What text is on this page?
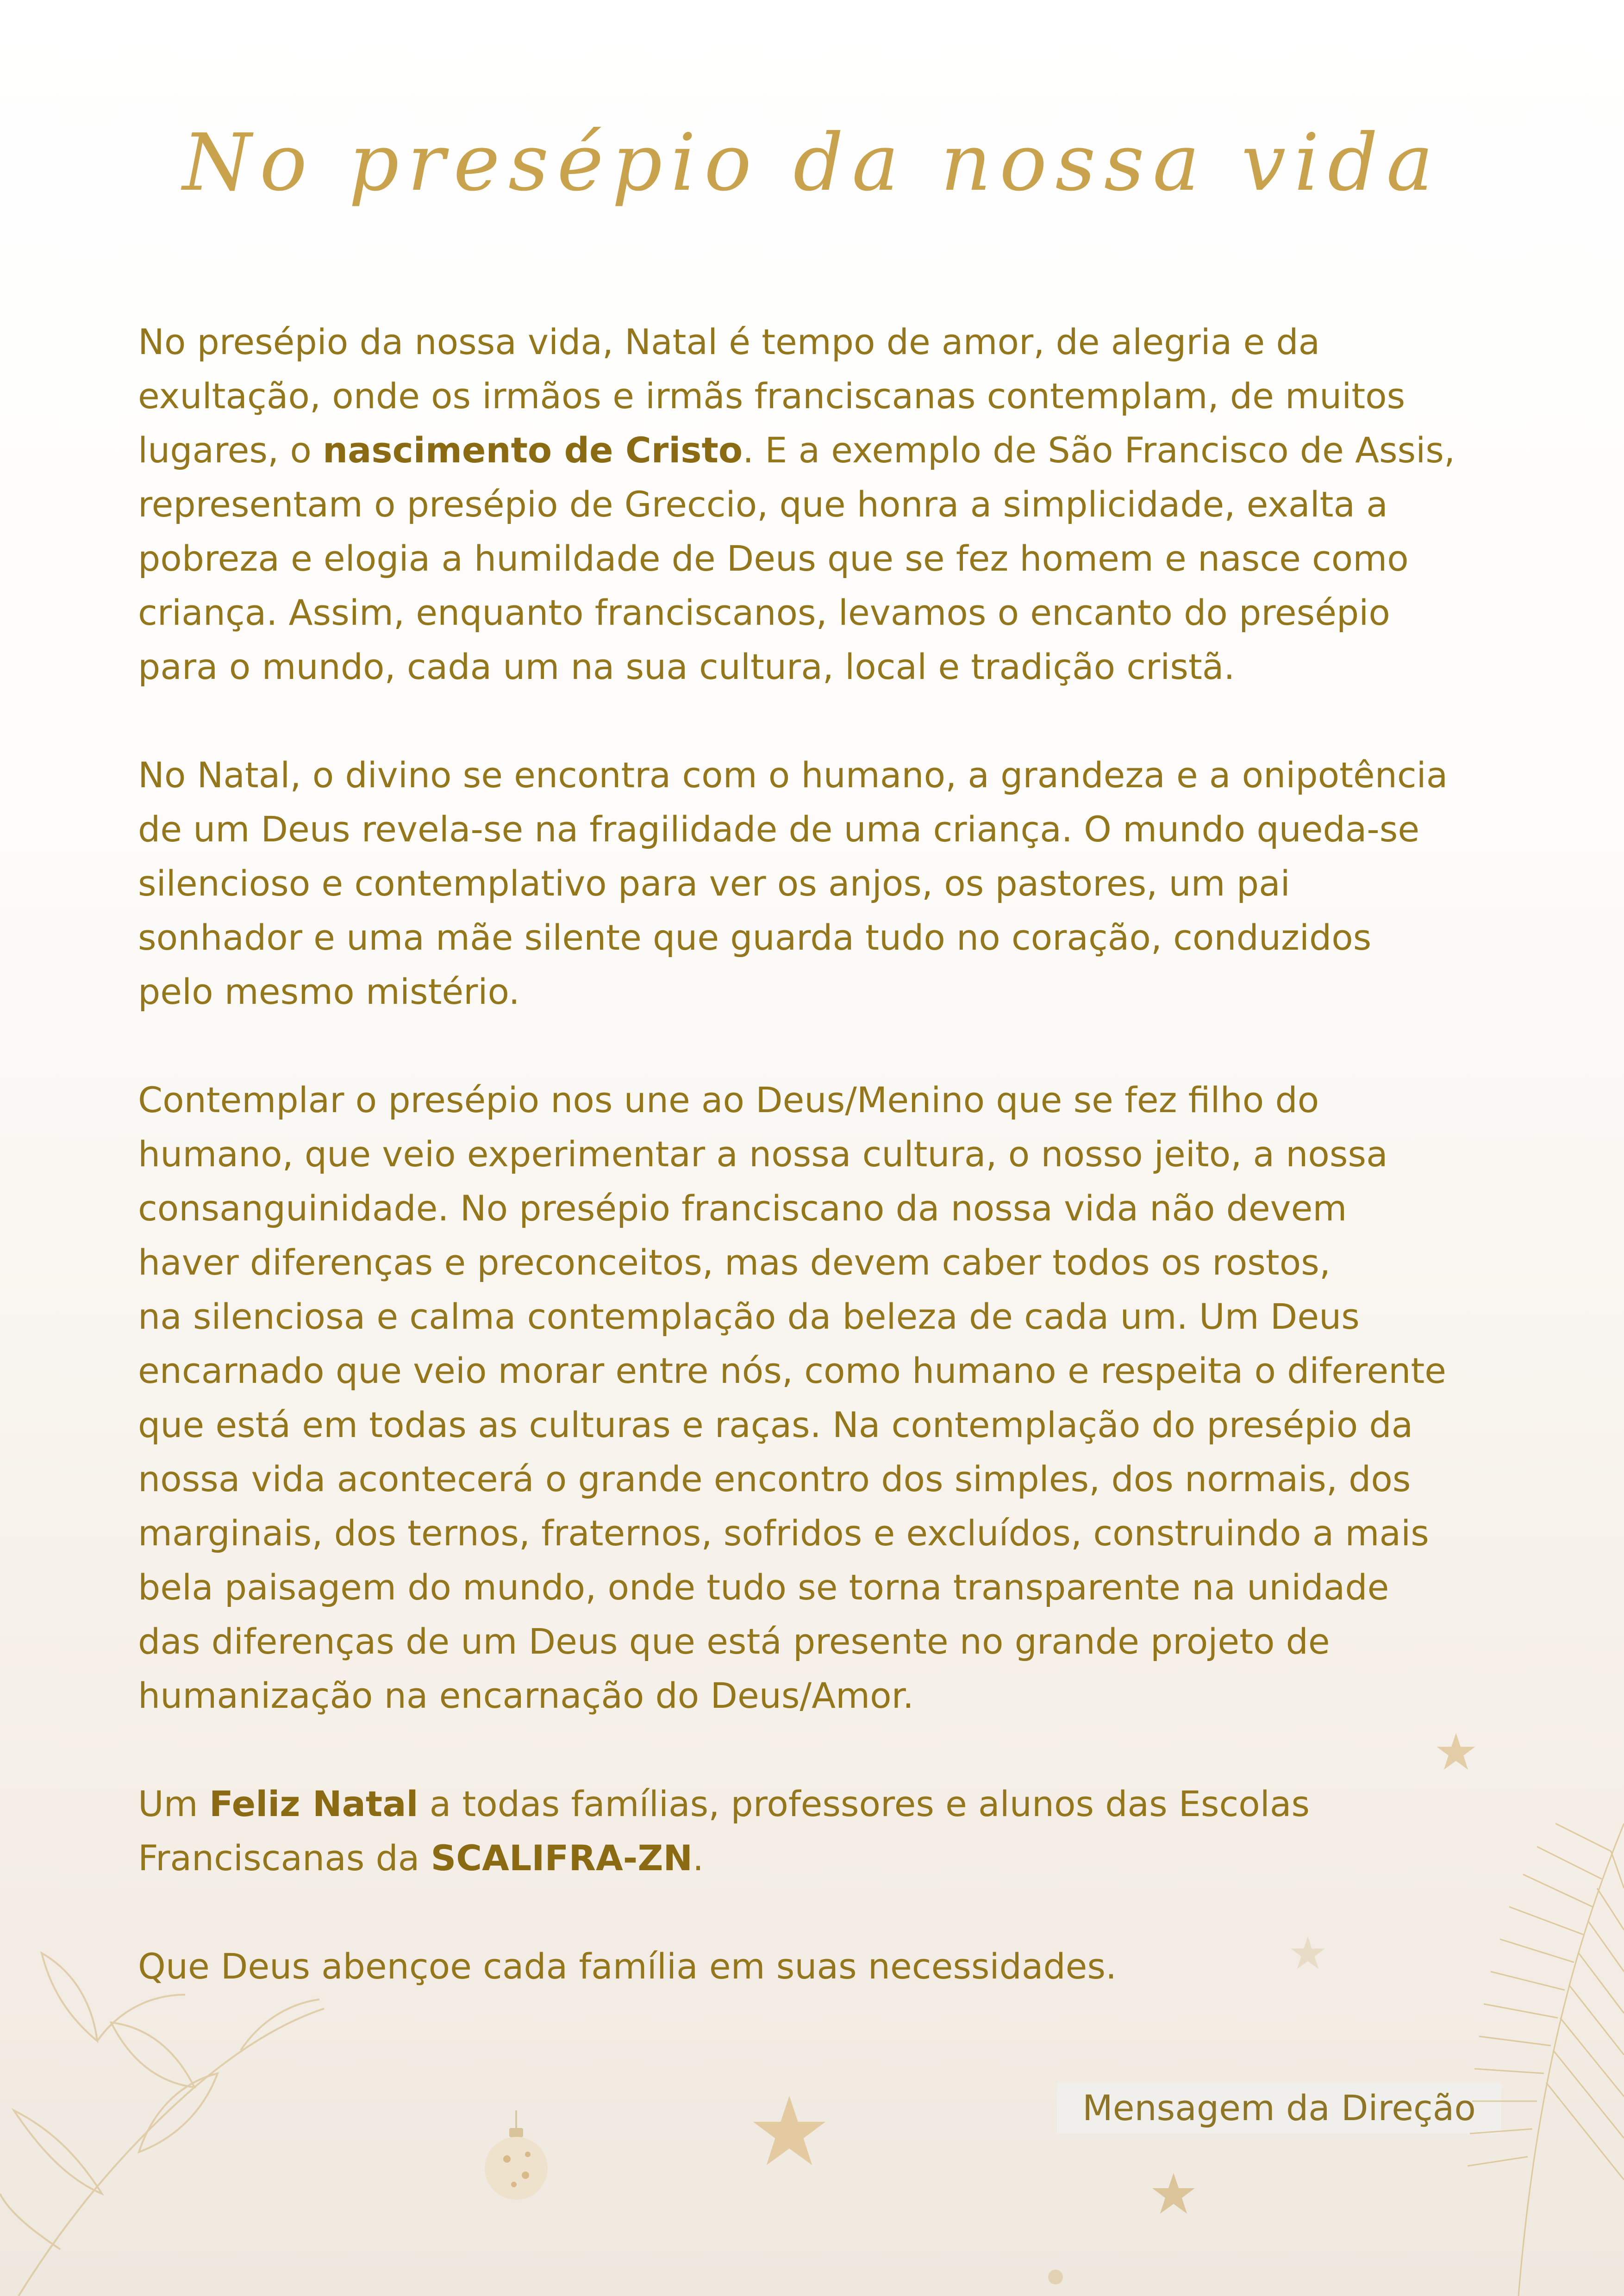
No presépio da nossa vida

No presépio da nossa vida, Natal é tempo de amor, de alegria e da
exultação, onde os irmãos e irmãs franciscanas contemplam, de muitos
lugares, o nascimento de Cristo. E a exemplo de São Francisco de Assis,
representam o presépio de Greccio, que honra a simplicidade, exalta a
pobreza e elogia a humildade de Deus que se fez homem e nasce como
criança. Assim, enquanto franciscanos, levamos o encanto do presépio
para o mundo, cada um na sua cultura, local e tradição cristã.

No Natal, o divino se encontra com o humano, a grandeza e a onipotência
de um Deus revela-se na fragilidade de uma criança. O mundo queda-se
silencioso e contemplativo para ver os anjos, os pastores, um pai
sonhador e uma mãe silente que guarda tudo no coração, conduzidos
pelo mesmo mistério.

Contemplar o presépio nos une ao Deus/Menino que se fez filho do
humano, que veio experimentar a nossa cultura, o nosso jeito, a nossa
consanguinidade. No presépio franciscano da nossa vida não devem
haver diferenças e preconceitos, mas devem caber todos os rostos,
na silenciosa e calma contemplação da beleza de cada um. Um Deus
encarnado que veio morar entre nós, como humano e respeita o diferente
que está em todas as culturas e raças. Na contemplação do presépio da
nossa vida acontecerá o grande encontro dos simples, dos normais, dos
marginais, dos ternos, fraternos, sofridos e excluídos, construindo a mais
bela paisagem do mundo, onde tudo se torna transparente na unidade
das diferenças de um Deus que está presente no grande projeto de
humanização na encarnação do Deus/Amor.

Um Feliz Natal a todas famílias, professores e alunos das Escolas
Franciscanas da SCALIFRA-ZN.

Que Deus abençoe cada família em suas necessidades.

Mensagem da Direção
